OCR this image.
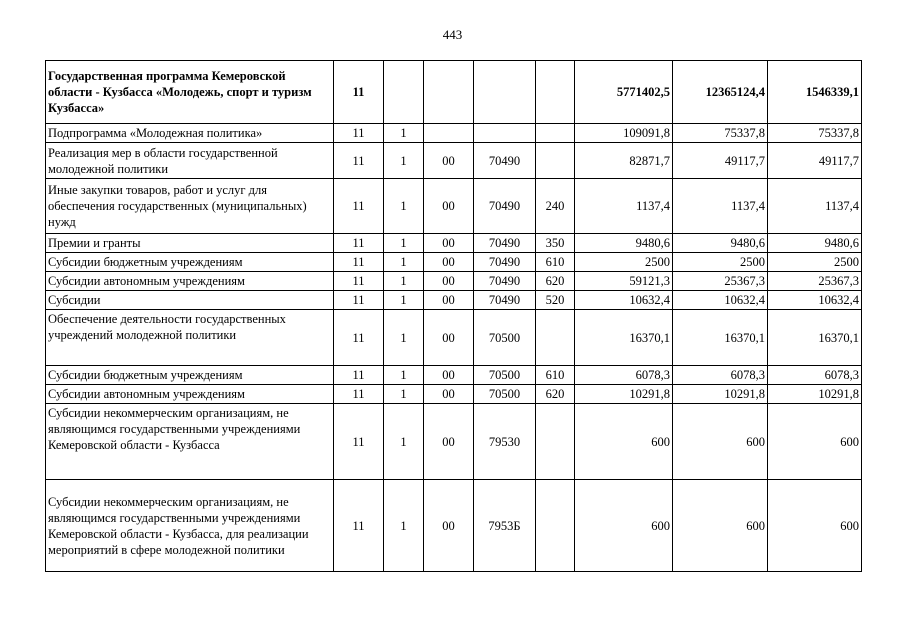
443
Государственная программа Кемеровской области - Кузбасса «Молодежь, спорт и туризм Кузбасса»	11					5771402,5	12365124,4	1546339,1
Подпрограмма «Молодежная политика»	11	1				109091,8	75337,8	75337,8
Реализация мер в области государственной молодежной политики	11	1	00	70490		82871,7	49117,7	49117,7
Иные закупки товаров, работ и услуг для обеспечения государственных (муниципальных) нужд	11	1	00	70490	240	1137,4	1137,4	1137,4
Премии и гранты	11	1	00	70490	350	9480,6	9480,6	9480,6
Субсидии бюджетным учреждениям	11	1	00	70490	610	2500	2500	2500
Субсидии автономным учреждениям	11	1	00	70490	620	59121,3	25367,3	25367,3
Субсидии	11	1	00	70490	520	10632,4	10632,4	10632,4
Обеспечение деятельности государственных учреждений молодежной политики	11	1	00	70500		16370,1	16370,1	16370,1
Субсидии бюджетным учреждениям	11	1	00	70500	610	6078,3	6078,3	6078,3
Субсидии автономным учреждениям	11	1	00	70500	620	10291,8	10291,8	10291,8
Субсидии некоммерческим организациям, не являющимся государственными учреждениями Кемеровской области - Кузбасса	11	1	00	79530		600	600	600
Субсидии некоммерческим организациям, не являющимся государственными учреждениями Кемеровской области - Кузбасса, для реализации мероприятий в сфере молодежной политики	11	1	00	7953Б		600	600	600
